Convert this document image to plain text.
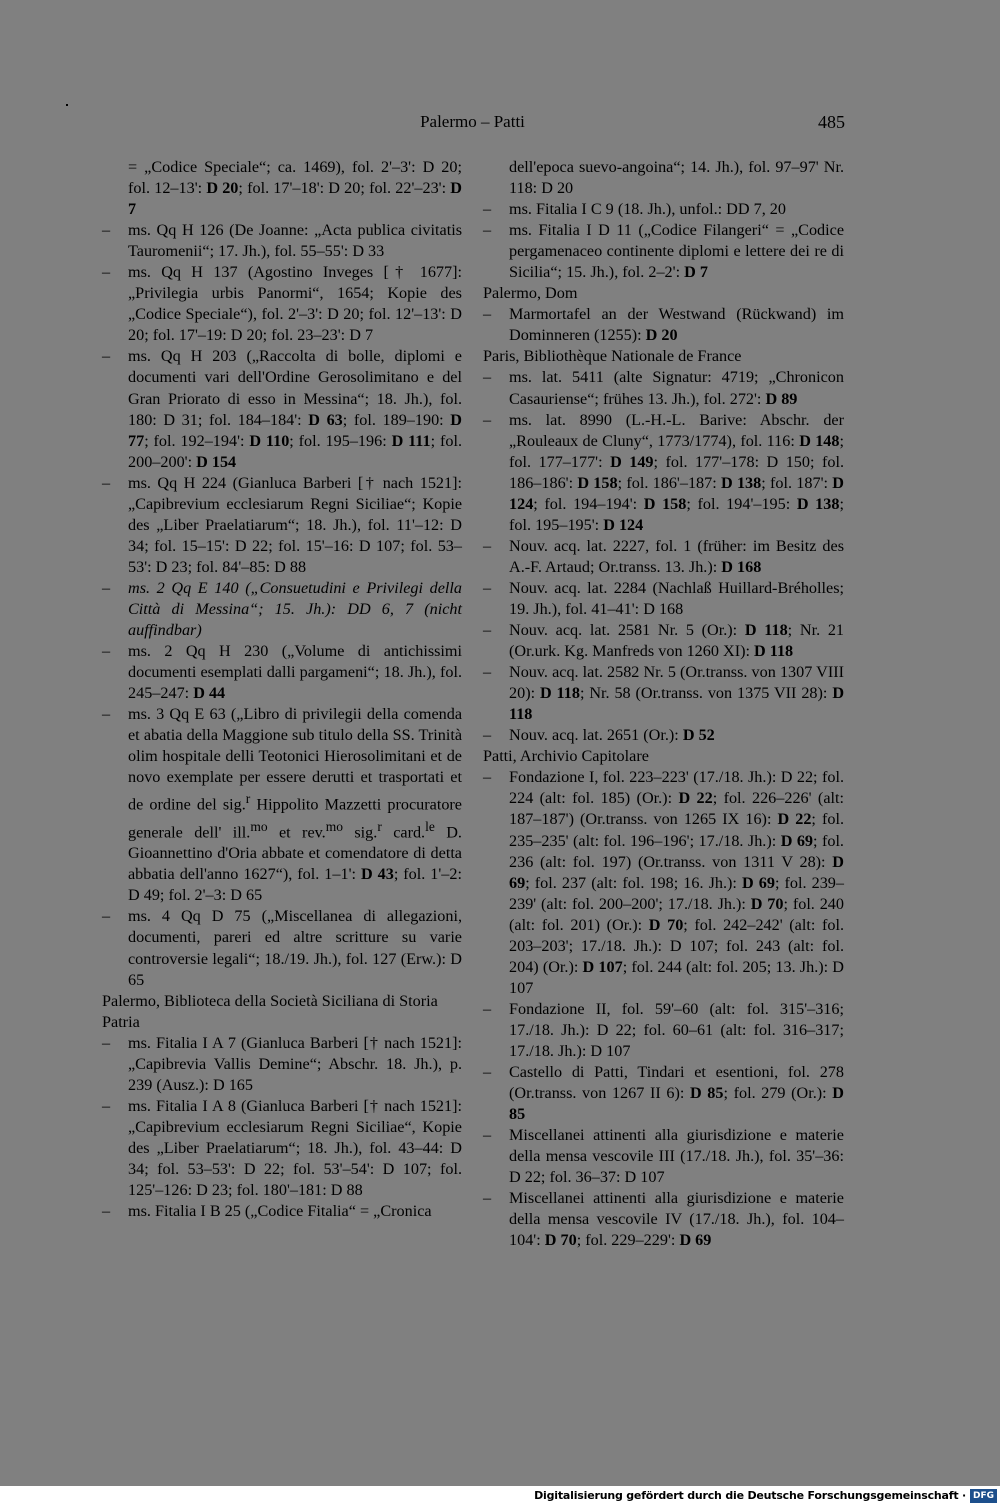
Palermo – Patti	485
= „Codice Speciale“; ca. 1469), fol. 2'–3': D 20; fol. 12–13': D 20; fol. 17'–18': D 20; fol. 22'–23': D 7
– ms. Qq H 126 (De Joanne: „Acta publica civitatis Tauromenii“; 17. Jh.), fol. 55–55': D 33
– ms. Qq H 137 (Agostino Inveges [† 1677]: „Privilegia urbis Panormi“, 1654; Kopie des „Codice Speciale“), fol. 2'–3': D 20; fol. 12'–13': D 20; fol. 17'–19: D 20; fol. 23–23': D 7
– ms. Qq H 203 („Raccolta di bolle, diplomi e documenti vari dell'Ordine Gerosolimitano e del Gran Priorato di esso in Messina“; 18. Jh.), fol. 180: D 31; fol. 184–184': D 63; fol. 189–190: D 77; fol. 192–194': D 110; fol. 195–196: D 111; fol. 200–200': D 154
– ms. Qq H 224 (Gianluca Barberi [† nach 1521]: „Capibrevium ecclesiarum Regni Siciliae“; Kopie des „Liber Praelatiarum“; 18. Jh.), fol. 11'–12: D 34; fol. 15–15': D 22; fol. 15'–16: D 107; fol. 53–53': D 23; fol. 84'–85: D 88
– ms. 2 Qq E 140 („Consuetudini e Privilegi della Città di Messina“; 15. Jh.): DD 6, 7 (nicht auffindbar)
– ms. 2 Qq H 230 („Volume di antichissimi documenti esemplati dalli pargameni“; 18. Jh.), fol. 245–247: D 44
– ms. 3 Qq E 63 („Libro di privilegii della comenda et abatia della Maggione sub titulo della SS. Trinità olim hospitale delli Teotonici Hierosolimitani et de novo exemplate per essere derutti et trasportati et de ordine del sig.$^r$ Hippolito Mazzetti procuratore generale dell' ill.$^{mo}$ et rev.$^{mo}$ sig.$^r$ card.$^{le}$ D. Gioannettino d'Oria abbate et comendatore di detta abbatia dell'anno 1627“), fol. 1–1': D 43; fol. 1'–2: D 49; fol. 2'–3: D 65
– ms. 4 Qq D 75 („Miscellanea di allegazioni, documenti, pareri ed altre scritture su varie controversie legali“; 18./19. Jh.), fol. 127 (Erw.): D 65
Palermo, Biblioteca della Società Siciliana di Storia Patria
– ms. Fitalia I A 7 (Gianluca Barberi [† nach 1521]: „Capibrevia Vallis Demine“; Abschr. 18. Jh.), p. 239 (Ausz.): D 165
– ms. Fitalia I A 8 (Gianluca Barberi [† nach 1521]: „Capibrevium ecclesiarum Regni Siciliae“, Kopie des „Liber Praelatiarum“; 18. Jh.), fol. 43–44: D 34; fol. 53–53': D 22; fol. 53'–54': D 107; fol. 125'–126: D 23; fol. 180'–181: D 88
– ms. Fitalia I B 25 („Codice Fitalia“ = „Cronica
dell'epoca suevo-angoina“; 14. Jh.), fol. 97–97' Nr. 118: D 20
– ms. Fitalia I C 9 (18. Jh.), unfol.: DD 7, 20
– ms. Fitalia I D 11 („Codice Filangeri“ = „Codice pergamenaceo continente diplomi e lettere dei re di Sicilia“; 15. Jh.), fol. 2–2': D 7
Palermo, Dom
– Marmortafel an der Westwand (Rückwand) im Dominneren (1255): D 20
Paris, Bibliothèque Nationale de France
– ms. lat. 5411 (alte Signatur: 4719; „Chronicon Casauriense“; frühes 13. Jh.), fol. 272': D 89
– ms. lat. 8990 (L.-H.-L. Barive: Abschr. der „Rouleaux de Cluny“, 1773/1774), fol. 116: D 148; fol. 177–177': D 149; fol. 177'–178: D 150; fol. 186–186': D 158; fol. 186'–187: D 138; fol. 187': D 124; fol. 194–194': D 158; fol. 194'–195: D 138; fol. 195–195': D 124
– Nouv. acq. lat. 2227, fol. 1 (früher: im Besitz des A.-F. Artaud; Or.transs. 13. Jh.): D 168
– Nouv. acq. lat. 2284 (Nachlaß Huillard-Bréholles; 19. Jh.), fol. 41–41': D 168
– Nouv. acq. lat. 2581 Nr. 5 (Or.): D 118; Nr. 21 (Or.urk. Kg. Manfreds von 1260 XI): D 118
– Nouv. acq. lat. 2582 Nr. 5 (Or.transs. von 1307 VIII 20): D 118; Nr. 58 (Or.transs. von 1375 VII 28): D 118
– Nouv. acq. lat. 2651 (Or.): D 52
Patti, Archivio Capitolare
– Fondazione I, fol. 223–223' (17./18. Jh.): D 22; fol. 224 (alt: fol. 185) (Or.): D 22; fol. 226–226' (alt: 187–187') (Or.transs. von 1265 IX 16): D 22; fol. 235–235' (alt: fol. 196–196'; 17./18. Jh.): D 69; fol. 236 (alt: fol. 197) (Or.transs. von 1311 V 28): D 69; fol. 237 (alt: fol. 198; 16. Jh.): D 69; fol. 239–239' (alt: fol. 200–200'; 17./18. Jh.): D 70; fol. 240 (alt: fol. 201) (Or.): D 70; fol. 242–242' (alt: fol. 203–203'; 17./18. Jh.): D 107; fol. 243 (alt: fol. 204) (Or.): D 107; fol. 244 (alt: fol. 205; 13. Jh.): D 107
– Fondazione II, fol. 59'–60 (alt: fol. 315'–316; 17./18. Jh.): D 22; fol. 60–61 (alt: fol. 316–317; 17./18. Jh.): D 107
– Castello di Patti, Tindari et esentioni, fol. 278 (Or.transs. von 1267 II 6): D 85; fol. 279 (Or.): D 85
– Miscellanei attinenti alla giurisdizione e materie della mensa vescovile III (17./18. Jh.), fol. 35'–36: D 22; fol. 36–37: D 107
– Miscellanei attinenti alla giurisdizione e materie della mensa vescovile IV (17./18. Jh.), fol. 104–104': D 70; fol. 229–229': D 69
Digitalisierung gefördert durch die Deutsche Forschungsgemeinschaft · DFG
